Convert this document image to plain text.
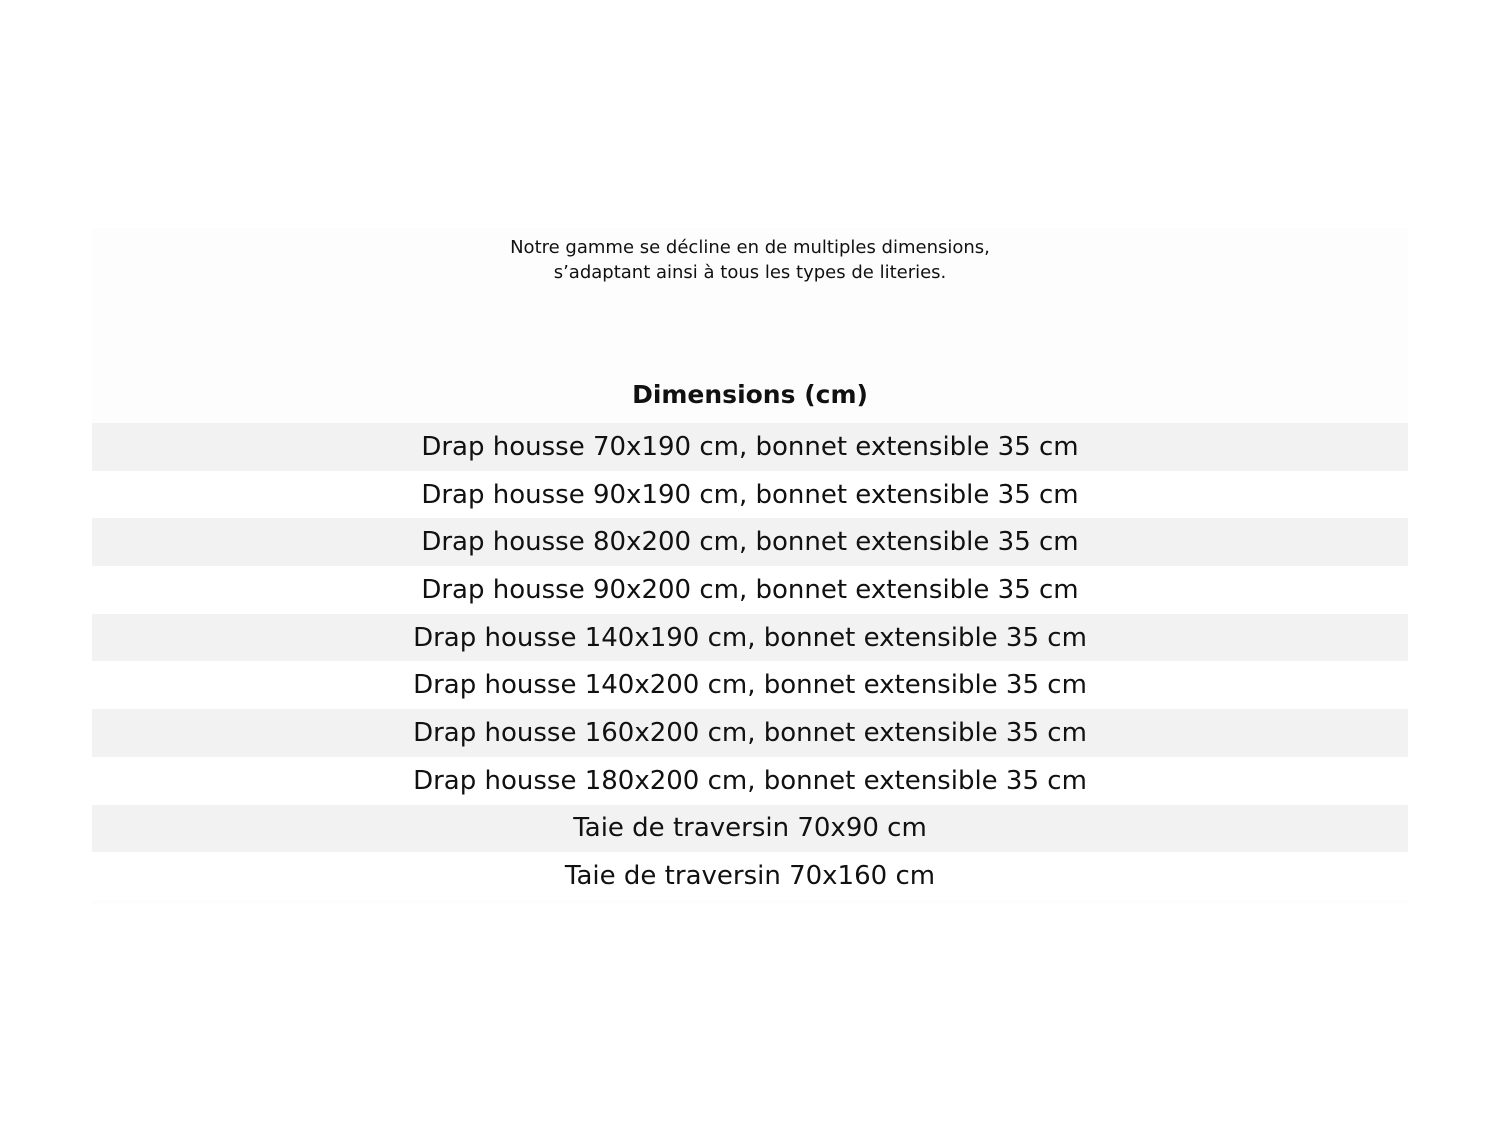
Notre gamme se décline en de multiples dimensions,
s’adaptant ainsi à tous les types de literies.
Dimensions (cm)
Drap housse 70x190 cm, bonnet extensible 35 cm
Drap housse 90x190 cm, bonnet extensible 35 cm
Drap housse 80x200 cm, bonnet extensible 35 cm
Drap housse 90x200 cm, bonnet extensible 35 cm
Drap housse 140x190 cm, bonnet extensible 35 cm
Drap housse 140x200 cm, bonnet extensible 35 cm
Drap housse 160x200 cm, bonnet extensible 35 cm
Drap housse 180x200 cm, bonnet extensible 35 cm
Taie de traversin 70x90 cm
Taie de traversin 70x160 cm
